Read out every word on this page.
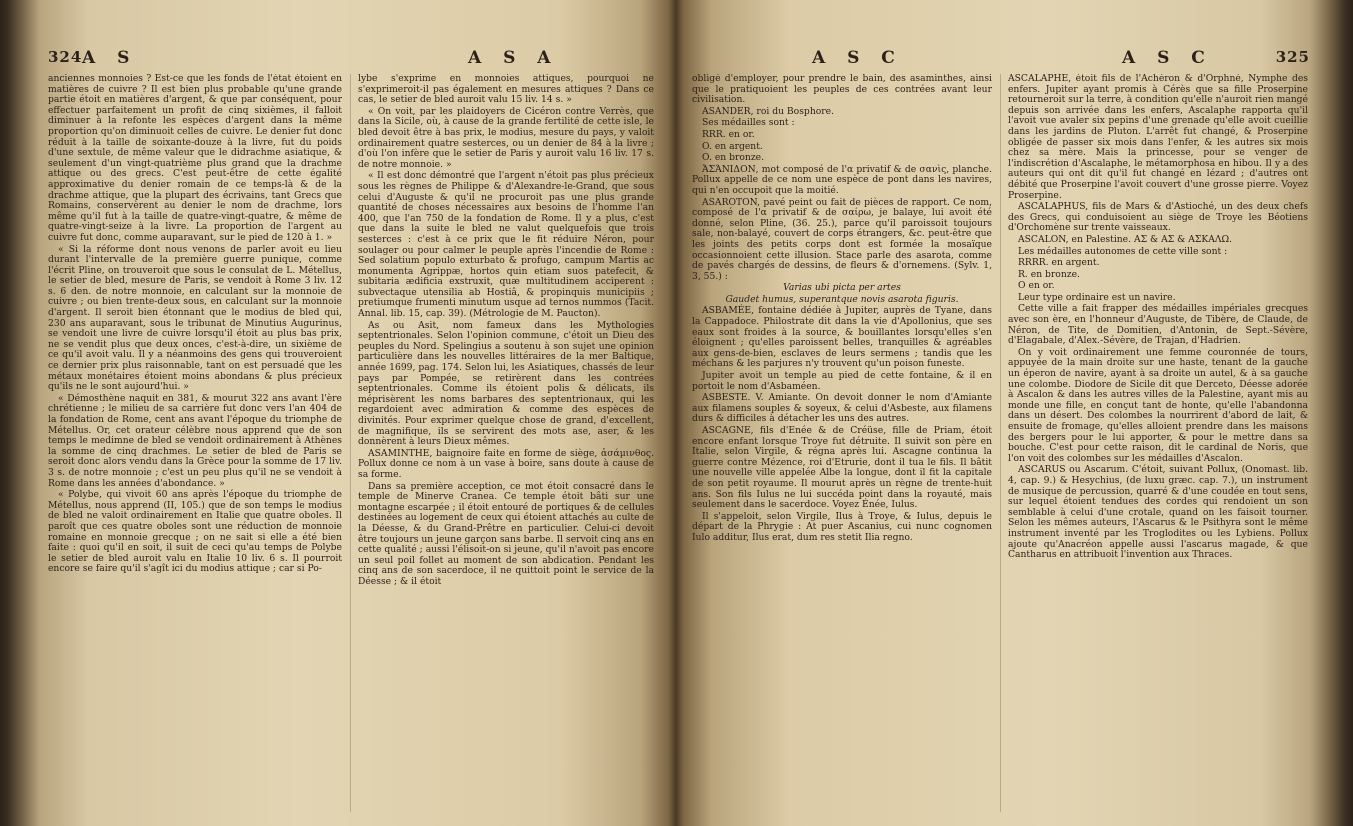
324 A S	A S A

anciennes monnoies ? Est-ce que les fonds de l'état étoient en matières de cuivre ? Il est bien plus probable qu'une grande partie étoit en matières d'argent, & que par conséquent, pour effectuer parfaitement un profit de cinq sixièmes, il falloit diminuer à la refonte les espèces d'argent dans la même proportion qu'on diminuoit celles de cuivre. Le denier fut donc réduit à la taille de soixante-douze à la livre, fut du poids d'une sextule, de même valeur que le didrachme asiatique, & seulement d'un vingt-quatrième plus grand que la drachme attique ou des grecs. C'est peut-être de cette égalité approximative du denier romain de ce temps-là & de la drachme attique, que la plupart des écrivains, tant Grecs que Romains, conservèrent au denier le nom de drachme, lors même qu'il fut à la taille de quatre-vingt-quatre, & même de quatre-vingt-seize à la livre. La proportion de l'argent au cuivre fut donc, comme auparavant, sur le pied de 120 à 1. »

« Si la réforme dont nous venons de parler avoit eu lieu durant l'intervalle de la première guerre punique, comme l'écrit Pline, on trouveroit que sous le consulat de L. Métellus, le setier de bled, mesure de Paris, se vendoit à Rome 3 liv. 12 s. 6 den. de notre monnoie, en calculant sur la monnoie de cuivre ; ou bien trente-deux sous, en calculant sur la monnoie d'argent. Il seroit bien étonnant que le modius de bled qui, 230 ans auparavant, sous le tribunat de Minutius Augurinus, se vendoit une livre de cuivre lorsqu'il étoit au plus bas prix, ne se vendit plus que deux onces, c'est-à-dire, un sixième de ce qu'il avoit valu. Il y a néanmoins des gens qui trouveroient ce dernier prix plus raisonnable, tant on est persuadé que les métaux monétaires étoient moins abondans & plus précieux qu'ils ne le sont aujourd'hui. »

« Démosthène naquit en 381, & mourut 322 ans avant l'ère chrétienne ; le milieu de sa carrière fut donc vers l'an 404 de la fondation de Rome, cent ans avant l'époque du triomphe de Métellus. Or, cet orateur célèbre nous apprend que de son temps le medimne de bled se vendoit ordinairement à Athènes la somme de cinq drachmes. Le setier de bled de Paris se seroit donc alors vendu dans la Grèce pour la somme de 17 liv. 3 s. de notre monnoie ; c'est un peu plus qu'il ne se vendoit à Rome dans les années d'abondance. »

« Polybe, qui vivoit 60 ans après l'époque du triomphe de Métellus, nous apprend (II, 105.) que de son temps le modius de bled ne valoit ordinairement en Italie que quatre oboles. Il paroît que ces quatre oboles sont une réduction de monnoie romaine en monnoie grecque ; on ne sait si elle a été bien faite : quoi qu'il en soit, il suit de ceci qu'au temps de Polybe le setier de bled auroit valu en Italie 10 liv. 6 s. Il pourroit encore se faire qu'il s'agît ici du modius attique ; car si Po-

lybe s'exprime en monnoies attiques, pourquoi ne s'exprimeroit-il pas également en mesures attiques ? Dans ce cas, le setier de bled auroit valu 15 liv. 14 s. »

« On voit, par les plaidoyers de Cicéron contre Verrès, que dans la Sicile, où, à cause de la grande fertilité de cette isle, le bled devoit être à bas prix, le modius, mesure du pays, y valoit ordinairement quatre sesterces, ou un denier de 84 à la livre ; d'où l'on infère que le setier de Paris y auroit valu 16 liv. 17 s. de notre monnoie. »

« Il est donc démontré que l'argent n'étoit pas plus précieux sous les règnes de Philippe & d'Alexandre-le-Grand, que sous celui d'Auguste & qu'il ne procuroit pas une plus grande quantité de choses nécessaires aux besoins de l'homme l'an 400, que l'an 750 de la fondation de Rome. Il y a plus, c'est que dans la suite le bled ne valut quelquefois que trois sesterces : c'est à ce prix que le fit réduire Néron, pour soulager ou pour calmer le peuple après l'incendie de Rome : Sed solatium populo exturbato & profugo, campum Martis ac monumenta Agrippæ, hortos quin etiam suos patefecit, & subitaria ædificia exstruxit, quæ multitudinem acciperent : subvectaque utensilia ab Hostiâ, & propinquis municipiis ; pretiumque frumenti minutum usque ad ternos nummos (Tacit. Annal. lib. 15, cap. 39). (Métrologie de M. Paucton).

As ou Asit, nom fameux dans les Mythologies septentrionales. Selon l'opinion commune, c'étoit un Dieu des peuples du Nord. Spelingius a soutenu à son sujet une opinion particulière dans les nouvelles littéraires de la mer Baltique, année 1699, pag. 174. Selon lui, les Asiatiques, chassés de leur pays par Pompée, se retirèrent dans les contrées septentrionales. Comme ils étoient polis & délicats, ils méprisèrent les noms barbares des septentrionaux, qui les regardoient avec admiration & comme des espèces de divinités. Pour exprimer quelque chose de grand, d'excellent, de magnifique, ils se servirent des mots ase, aser, & les donnèrent à leurs Dieux mêmes.

ASAMINTHE, baignoire faite en forme de siège, ἀσάμινθος. Pollux donne ce nom à un vase à boire, sans doute à cause de sa forme.

Dans sa première acception, ce mot étoit consacré dans le temple de Minerve Cranea. Ce temple étoit bâti sur une montagne escarpée ; il étoit entouré de portiques & de cellules destinées au logement de ceux qui étoient attachés au culte de la Déesse, & du Grand-Prêtre en particulier. Celui-ci devoit être toujours un jeune garçon sans barbe. Il servoit cinq ans en cette qualité ; aussi l'élisoit-on si jeune, qu'il n'avoit pas encore un seul poil follet au moment de son abdication. Pendant les cinq ans de son sacerdoce, il ne quittoit point le service de la Déesse ; & il étoit

A S C	A S C	325

obligé d'employer, pour prendre le bain, des asaminthes, ainsi que le pratiquoient les peuples de ces contrées avant leur civilisation.

ASANDER, roi du Bosphore.

Ses médailles sont :

RRR. en or.

O. en argent.

O. en bronze.

ἈΣΆΝΙΔΟΝ, mot composé de l'α privatif & de σανὶς, planche. Pollux appelle de ce nom une espèce de pont dans les navires, qui n'en occupoit que la moitié.

ASAROTON, pavé peint ou fait de pièces de rapport. Ce nom, composé de l'α privatif & de σαίρω, je balaye, lui avoit été donné, selon Pline, (36. 25.), parce qu'il paroissoit toujours sale, non-balayé, couvert de corps étrangers, &c. peut-être que les joints des petits corps dont est formée la mosaïque occasionnoient cette illusion. Stace parle des asarota, comme de pavés chargés de dessins, de fleurs & d'ornemens. (Sylv. 1, 3, 55.) :

Varias ubi picta per artes

Gaudet humus, superantque novis asarota figuris.

ASBAMÉE, fontaine dédiée à Jupiter, auprès de Tyane, dans la Cappadoce. Philostrate dit dans la vie d'Apollonius, que ses eaux sont froides à la source, & bouillantes lorsqu'elles s'en éloignent ; qu'elles paroissent belles, tranquilles & agréables aux gens-de-bien, esclaves de leurs sermens ; tandis que les méchans & les parjures n'y trouvent qu'un poison funeste.

Jupiter avoit un temple au pied de cette fontaine, & il en portoit le nom d'Asbaméen.

ASBESTE. V. Amiante. On devoit donner le nom d'Amiante aux filamens souples & soyeux, & celui d'Asbeste, aux filamens durs & difficiles à détacher les uns des autres.

ASCAGNE, fils d'Enée & de Créüse, fille de Priam, étoit encore enfant lorsque Troye fut détruite. Il suivit son père en Italie, selon Virgile, & régna après lui. Ascagne continua la guerre contre Mézence, roi d'Etrurie, dont il tua le fils. Il bâtit une nouvelle ville appelée Albe la longue, dont il fit la capitale de son petit royaume. Il mourut après un règne de trente-huit ans. Son fils Iulus ne lui succéda point dans la royauté, mais seulement dans le sacerdoce. Voyez Énée, Iulus.

Il s'appeloit, selon Virgile, Ilus à Troye, & Iulus, depuis le départ de la Phrygie : At puer Ascanius, cui nunc cognomen Iulo additur, Ilus erat, dum res stetit Ilia regno.

ASCALAPHE, étoit fils de l'Achéron & d'Orphné, Nymphe des enfers. Jupiter ayant promis à Cérès que sa fille Proserpine retourneroit sur la terre, à condition qu'elle n'auroit rien mangé depuis son arrivée dans les enfers, Ascalaphe rapporta qu'il l'avoit vue avaler six pepins d'une grenade qu'elle avoit cueillie dans les jardins de Pluton. L'arrêt fut changé, & Proserpine obligée de passer six mois dans l'enfer, & les autres six mois chez sa mère. Mais la princesse, pour se venger de l'indiscrétion d'Ascalaphe, le métamorphosa en hibou. Il y a des auteurs qui ont dit qu'il fut changé en lézard ; d'autres ont débité que Proserpine l'avoit couvert d'une grosse pierre. Voyez Proserpine.

ASCALAPHUS, fils de Mars & d'Astioché, un des deux chefs des Grecs, qui conduisoient au siège de Troye les Béotiens d'Orchomène sur trente vaisseaux.

ASCALON, en Palestine. ΑΣ & ΑΣ & ΑΣΚΑΛΩ.

Les médailles autonomes de cette ville sont :

RRRR. en argent.

R. en bronze.

O en or.

Leur type ordinaire est un navire.

Cette ville a fait frapper des médailles impériales grecques avec son ère, en l'honneur d'Auguste, de Tibère, de Claude, de Néron, de Tite, de Domitien, d'Antonin, de Sept.-Sévère, d'Elagabale, d'Alex.-Sévère, de Trajan, d'Hadrien.

On y voit ordinairement une femme couronnée de tours, appuyée de la main droite sur une haste, tenant de la gauche un éperon de navire, ayant à sa droite un autel, & à sa gauche une colombe. Diodore de Sicile dit que Derceto, Déesse adorée à Ascalon & dans les autres villes de la Palestine, ayant mis au monde une fille, en conçut tant de honte, qu'elle l'abandonna dans un désert. Des colombes la nourrirent d'abord de lait, & ensuite de fromage, qu'elles alloient prendre dans les maisons des bergers pour le lui apporter, & pour le mettre dans sa bouche. C'est pour cette raison, dit le cardinal de Noris, que l'on voit des colombes sur les médailles d'Ascalon.

ASCARUS ou Ascarum. C'étoit, suivant Pollux, (Onomast. lib. 4, cap. 9.) & Hesychius, (de luxu græc. cap. 7.), un instrument de musique de percussion, quarré & d'une coudée en tout sens, sur lequel étoient tendues des cordes qui rendoient un son semblable à celui d'une crotale, quand on les faisoit tourner. Selon les mêmes auteurs, l'Ascarus & le Psithyra sont le même instrument inventé par les Troglodites ou les Lybiens. Pollux ajoute qu'Anacréon appelle aussi l'ascarus magade, & que Cantharus en attribuoit l'invention aux Thraces.
